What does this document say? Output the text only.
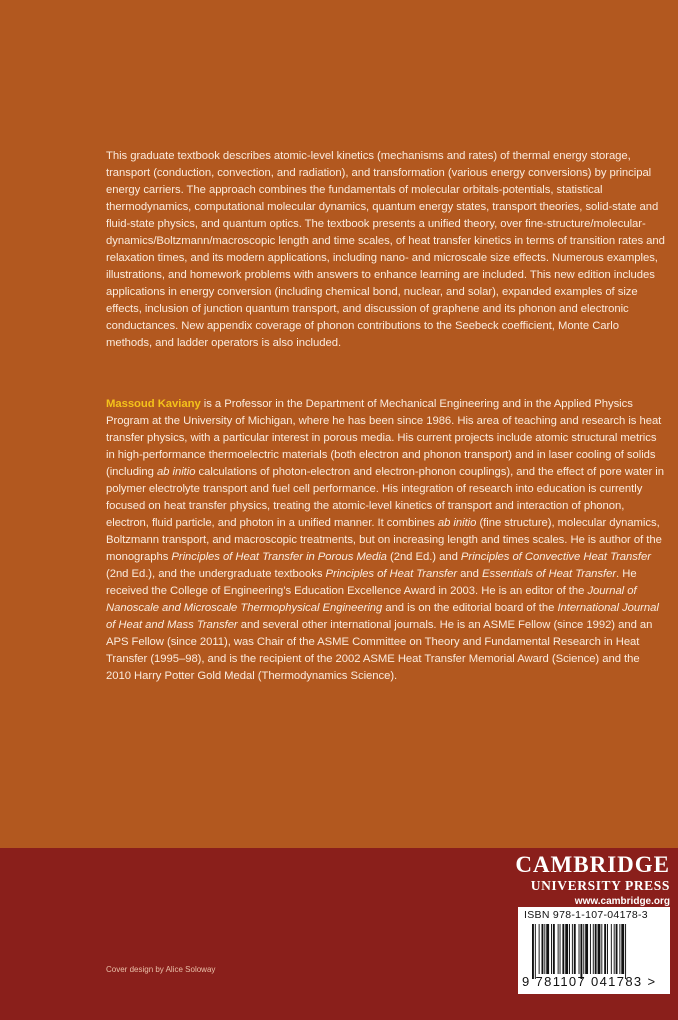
This graduate textbook describes atomic-level kinetics (mechanisms and rates) of thermal energy storage, transport (conduction, convection, and radiation), and transformation (various energy conversions) by principal energy carriers. The approach combines the fundamentals of molecular orbitals-potentials, statistical thermodynamics, computational molecular dynamics, quantum energy states, transport theories, solid-state and fluid-state physics, and quantum optics. The textbook presents a unified theory, over fine-structure/molecular-dynamics/Boltzmann/macroscopic length and time scales, of heat transfer kinetics in terms of transition rates and relaxation times, and its modern applications, including nano- and microscale size effects. Numerous examples, illustrations, and homework problems with answers to enhance learning are included. This new edition includes applications in energy conversion (including chemical bond, nuclear, and solar), expanded examples of size effects, inclusion of junction quantum transport, and discussion of graphene and its phonon and electronic conductances. New appendix coverage of phonon contributions to the Seebeck coefficient, Monte Carlo methods, and ladder operators is also included.
Massoud Kaviany is a Professor in the Department of Mechanical Engineering and in the Applied Physics Program at the University of Michigan, where he has been since 1986. His area of teaching and research is heat transfer physics, with a particular interest in porous media. His current projects include atomic structural metrics in high-performance thermoelectric materials (both electron and phonon transport) and in laser cooling of solids (including ab initio calculations of photon-electron and electron-phonon couplings), and the effect of pore water in polymer electrolyte transport and fuel cell performance. His integration of research into education is currently focused on heat transfer physics, treating the atomic-level kinetics of transport and interaction of phonon, electron, fluid particle, and photon in a unified manner. It combines ab initio (fine structure), molecular dynamics, Boltzmann transport, and macroscopic treatments, but on increasing length and times scales. He is author of the monographs Principles of Heat Transfer in Porous Media (2nd Ed.) and Principles of Convective Heat Transfer (2nd Ed.), and the undergraduate textbooks Principles of Heat Transfer and Essentials of Heat Transfer. He received the College of Engineering’s Education Excellence Award in 2003. He is an editor of the Journal of Nanoscale and Microscale Thermophysical Engineering and is on the editorial board of the International Journal of Heat and Mass Transfer and several other international journals. He is an ASME Fellow (since 1992) and an APS Fellow (since 2011), was Chair of the ASME Committee on Theory and Fundamental Research in Heat Transfer (1995–98), and is the recipient of the 2002 ASME Heat Transfer Memorial Award (Science) and the 2010 Harry Potter Gold Medal (Thermodynamics Science).
Cover design by Alice Soloway
CAMBRIDGE
UNIVERSITY PRESS
www.cambridge.org
ISBN 978-1-107-04178-3
9 781107 041783 >
